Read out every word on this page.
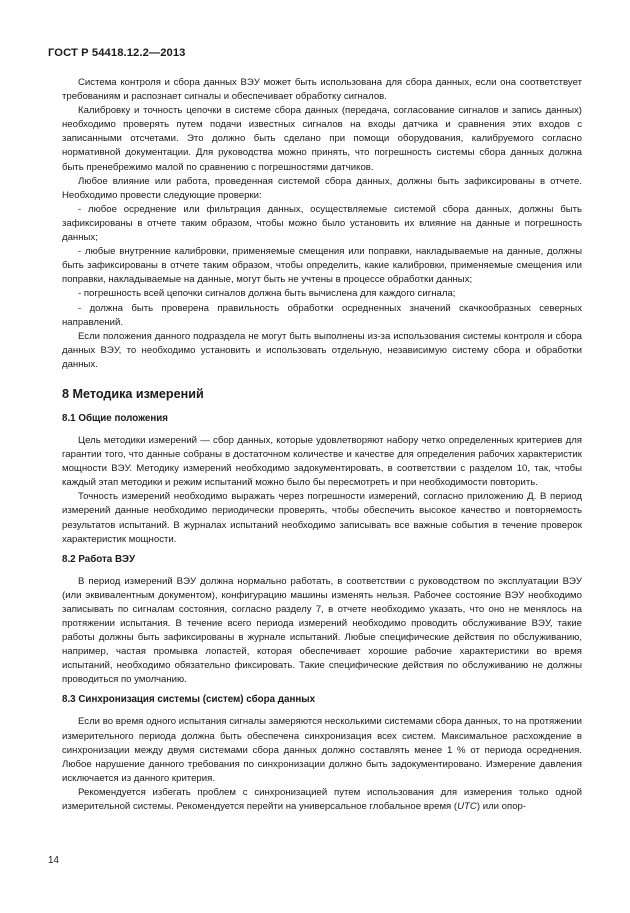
ГОСТ Р 54418.12.2—2013

Система контроля и сбора данных ВЭУ может быть использована для сбора данных, если она соответствует требованиям и распознает сигналы и обеспечивает обработку сигналов.

Калибровку и точность цепочки в системе сбора данных (передача, согласование сигналов и запись данных) необходимо проверять путем подачи известных сигналов на входы датчика и сравнения этих входов с записанными отсчетами. Это должно быть сделано при помощи оборудования, калибруемого согласно нормативной документации. Для руководства можно принять, что погрешность системы сбора данных должна быть пренебрежимо малой по сравнению с погрешностями датчиков.

Любое влияние или работа, проведенная системой сбора данных, должны быть зафиксированы в отчете. Необходимо провести следующие проверки:

- любое осреднение или фильтрация данных, осуществляемые системой сбора данных, должны быть зафиксированы в отчете таким образом, чтобы можно было установить их влияние на данные и погрешность данных;

- любые внутренние калибровки, применяемые смещения или поправки, накладываемые на данные, должны быть зафиксированы в отчете таким образом, чтобы определить, какие калибровки, применяемые смещения или поправки, накладываемые на данные, могут быть не учтены в процессе обработки данных;

- погрешность всей цепочки сигналов должна быть вычислена для каждого сигнала;

- должна быть проверена правильность обработки осредненных значений скачкообразных северных направлений.

Если положения данного подраздела не могут быть выполнены из-за использования системы контроля и сбора данных ВЭУ, то необходимо установить и использовать отдельную, независимую систему сбора и обработки данных.

8 Методика измерений
8.1 Общие положения

Цель методики измерений — сбор данных, которые удовлетворяют набору четко определенных критериев для гарантии того, что данные собраны в достаточном количестве и качестве для определения рабочих характеристик мощности ВЭУ. Методику измерений необходимо задокументировать, в соответствии с разделом 10, так, чтобы каждый этап методики и режим испытаний можно было бы пересмотреть и при необходимости повторить.

Точность измерений необходимо выражать через погрешности измерений, согласно приложению Д. В период измерений данные необходимо периодически проверять, чтобы обеспечить высокое качество и повторяемость результатов испытаний. В журналах испытаний необходимо записывать все важные события в течение проверок характеристик мощности.

8.2 Работа ВЭУ

В период измерений ВЭУ должна нормально работать, в соответствии с руководством по эксплуатации ВЭУ (или эквивалентным документом), конфигурацию машины изменять нельзя. Рабочее состояние ВЭУ необходимо записывать по сигналам состояния, согласно разделу 7, в отчете необходимо указать, что оно не менялось на протяжении испытания. В течение всего периода измерений необходимо проводить обслуживание ВЭУ, такие работы должны быть зафиксированы в журнале испытаний. Любые специфические действия по обслуживанию, например, частая промывка лопастей, которая обеспечивает хорошие рабочие характеристики во время испытаний, необходимо обязательно фиксировать. Такие специфические действия по обслуживанию не должны проводиться по умолчанию.

8.3 Синхронизация системы (систем) сбора данных

Если во время одного испытания сигналы замеряются несколькими системами сбора данных, то на протяжении измерительного периода должна быть обеспечена синхронизация всех систем. Максимальное расхождение в синхронизации между двумя системами сбора данных должно составлять менее 1 % от периода осреднения. Любое нарушение данного требования по синхронизации должно быть задокументировано. Измерение давления исключается из данного критерия.

Рекомендуется избегать проблем с синхронизацией путем использования для измерения только одной измерительной системы. Рекомендуется перейти на универсальное глобальное время (UTC) или опор-

14
